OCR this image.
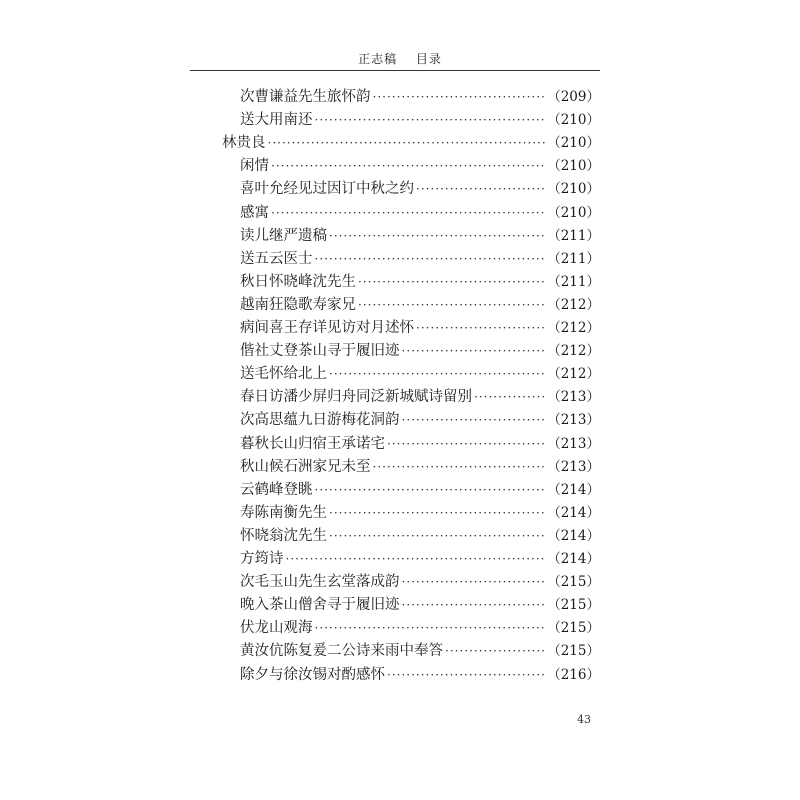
正志稿 目录
次曹谦益先生旅怀韵 ·····	（209）
送大用南还 ·····	（210）
林贵良 ·····	（210）
闲情 ·····	（210）
喜叶允经见过因订中秋之约 ·····	（210）
感寓 ·····	（210）
读儿继严遗稿 ·····	（211）
送五云医士 ·····	（211）
秋日怀晓峰沈先生 ·····	（211）
越南狂隐歌寿家兄 ·····	（212）
病间喜王存详见访对月述怀 ·····	（212）
偕社丈登茶山寻于履旧迹 ·····	（212）
送毛怀给北上 ·····	（212）
春日访潘少屏归舟同泛新城赋诗留别 ·····	（213）
次高思蕴九日游梅花洞韵 ·····	（213）
暮秋长山归宿王承诺宅 ·····	（213）
秋山候石洲家兄未至 ·····	（213）
云鹤峰登眺 ·····	（214）
寿陈南衡先生 ·····	（214）
怀晓翁沈先生 ·····	（214）
方筠诗 ·····	（214）
次毛玉山先生玄堂落成韵 ·····	（215）
晚入茶山僧舍寻于履旧迹 ·····	（215）
伏龙山观海 ·····	（215）
黄汝伉陈复爰二公诗来雨中奉答 ·····	（215）
除夕与徐汝锡对酌感怀 ·····	（216）
43
